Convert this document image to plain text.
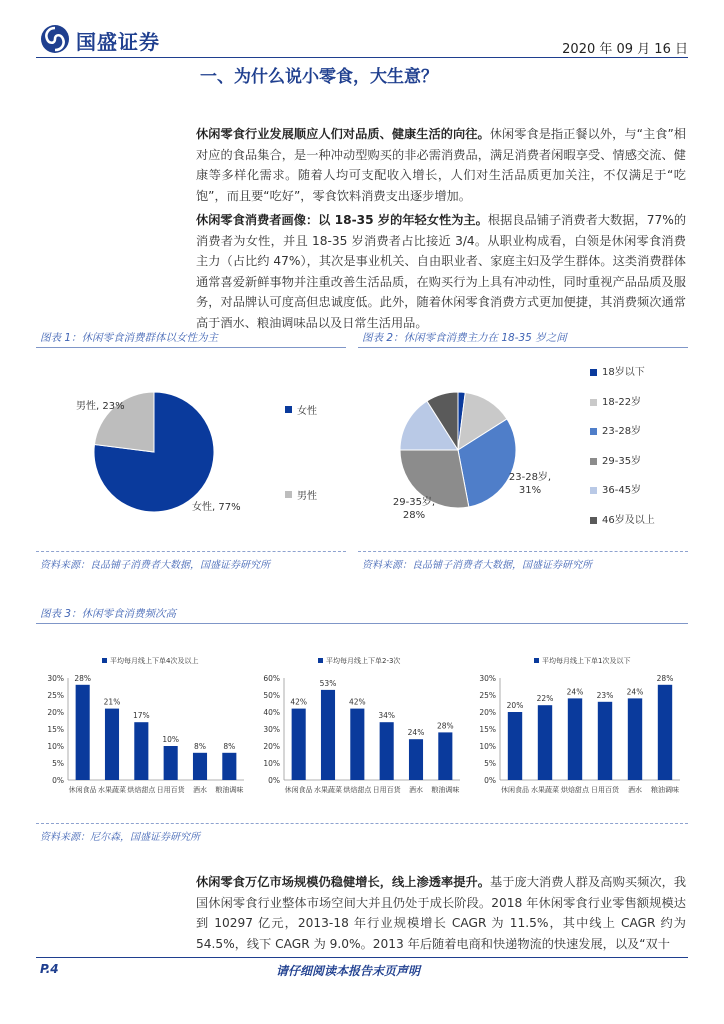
国盛证券	2020 年 09 月 16 日
一、为什么说小零食，大生意？
休闲零食行业发展顺应人们对品质、健康生活的向往。休闲零食是指正餐以外，与“主食”相对应的食品集合，是一种冲动型购买的非必需消费品，满足消费者闲暇享受、情感交流、健康等多样化需求。随着人均可支配收入增长，人们对生活品质更加关注，不仅满足于“吃饱”，而且要“吃好”，零食饮料消费支出逐步增加。
休闲零食消费者画像：以 18-35 岁的年轻女性为主。根据良品铺子消费者大数据，77%的消费者为女性，并且 18-35 岁消费者占比接近 3/4。从职业构成看，白领是休闲零食消费主力（占比约 47%），其次是事业机关、自由职业者、家庭主妇及学生群体。这类消费群体通常喜爱新鲜事物并注重改善生活品质，在购买行为上具有冲动性，同时重视产品品质及服务，对品牌认可度高但忠诚度低。此外，随着休闲零食消费方式更加便捷，其消费频次通常高于酒水、粮油调味品以及日常生活用品。
图表 1：休闲零食消费群体以女性为主
女性, 77%
男性, 23%	女性
男性
资料来源：良品铺子消费者大数据，国盛证券研究所
图表 2：休闲零食消费主力在 18-35 岁之间
23-28岁, 31%
29-35岁, 28%
18岁以下
18-22岁
23-28岁
29-35岁
36-45岁
46岁及以上
资料来源：良品铺子消费者大数据，国盛证券研究所
图表 3：休闲零食消费频次高
平均每月线上下单4次及以上
0%
5%
10%
15%
20%
25%
30% 28%
休闲食品
21%
水果蔬菜
17%
烘焙甜点
10%
日用百货
8%
酒水
8%
粮油调味
平均每月线上下单2-3次
0%
10%
20%
30%
40%
50%
60%
42%
休闲食品
53%
水果蔬菜
42%
烘焙甜点
34%
日用百货
24%
酒水
28%
粮油调味
平均每月线上下单1次及以下
0%
5%
10%
15%
20%
25%
30%
20%
休闲食品
22%
水果蔬菜
24%
烘焙甜点
23%
日用百货
24%
酒水
28%
粮油调味
资料来源：尼尔森，国盛证券研究所
休闲零食万亿市场规模仍稳健增长，线上渗透率提升。基于庞大消费人群及高购买频次，我国休闲零食行业整体市场空间大并且仍处于成长阶段。2018 年休闲零食行业零售额规模达到 10297 亿元，2013-18 年行业规模增长 CAGR 为 11.5%，其中线上 CAGR 约为 54.5%，线下 CAGR 为 9.0%。2013 年后随着电商和快递物流的快速发展，以及“双十
P.4	请仔细阅读本报告末页声明
